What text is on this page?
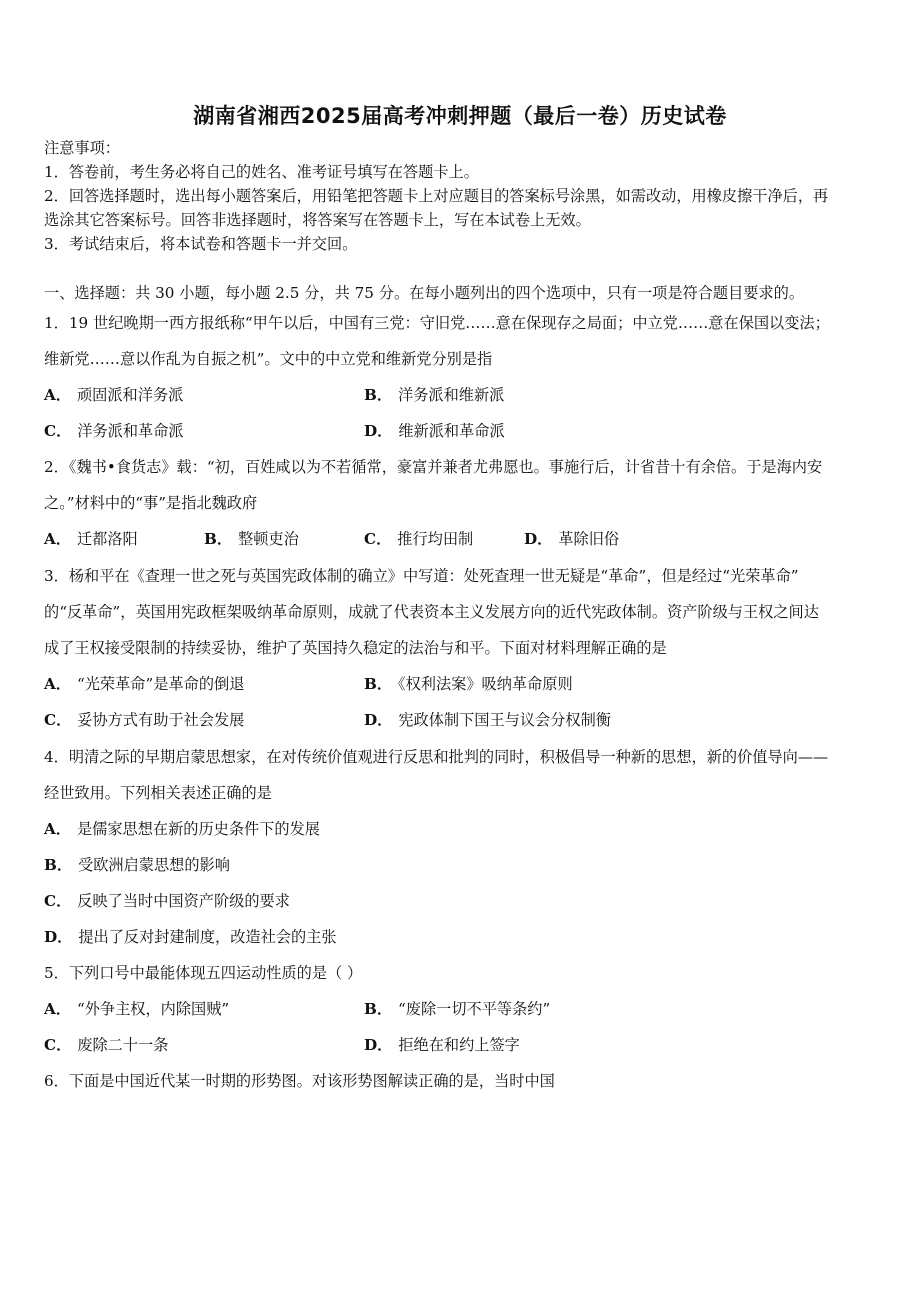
湖南省湘西2025届高考冲刺押题（最后一卷）历史试卷
注意事项：
1．答卷前，考生务必将自己的姓名、准考证号填写在答题卡上。
2．回答选择题时，选出每小题答案后，用铅笔把答题卡上对应题目的答案标号涂黑，如需改动，用橡皮擦干净后，再
选涂其它答案标号。回答非选择题时，将答案写在答题卡上，写在本试卷上无效。
3．考试结束后，将本试卷和答题卡一并交回。
一、选择题：共 30 小题，每小题 2.5 分，共 75 分。在每小题列出的四个选项中，只有一项是符合题目要求的。
1．19 世纪晚期一西方报纸称“甲午以后，中国有三党：守旧党……意在保现存之局面；中立党……意在保国以变法；
维新党……意以作乱为自振之机”。文中的中立党和维新党分别是指
A． 顽固派和洋务派	B． 洋务派和维新派
C． 洋务派和革命派	D． 维新派和革命派
2．《魏书•食货志》载：“初，百姓咸以为不若循常，豪富并兼者尤弗愿也。事施行后，计省昔十有余倍。于是海内安
之。”材料中的“事”是指北魏政府
A． 迁都洛阳	B． 整顿吏治	C． 推行均田制	D． 革除旧俗
3．杨和平在《查理一世之死与英国宪政体制的确立》中写道：处死查理一世无疑是“革命”，但是经过“光荣革命”
的“反革命”，英国用宪政框架吸纳革命原则，成就了代表资本主义发展方向的近代宪政体制。资产阶级与王权之间达
成了王权接受限制的持续妥协，维护了英国持久稳定的法治与和平。下面对材料理解正确的是
A． “光荣革命”是革命的倒退	B． 《权利法案》吸纳革命原则
C． 妥协方式有助于社会发展	D． 宪政体制下国王与议会分权制衡
4．明清之际的早期启蒙思想家，在对传统价值观进行反思和批判的同时，积极倡导一种新的思想，新的价值导向——
经世致用。下列相关表述正确的是
A． 是儒家思想在新的历史条件下的发展
B． 受欧洲启蒙思想的影响
C． 反映了当时中国资产阶级的要求
D． 提出了反对封建制度，改造社会的主张
5．下列口号中最能体现五四运动性质的是（ ）
A． “外争主权，内除国贼”	B． “废除一切不平等条约”
C． 废除二十一条	D． 拒绝在和约上签字
6．下面是中国近代某一时期的形势图。对该形势图解读正确的是，当时中国
